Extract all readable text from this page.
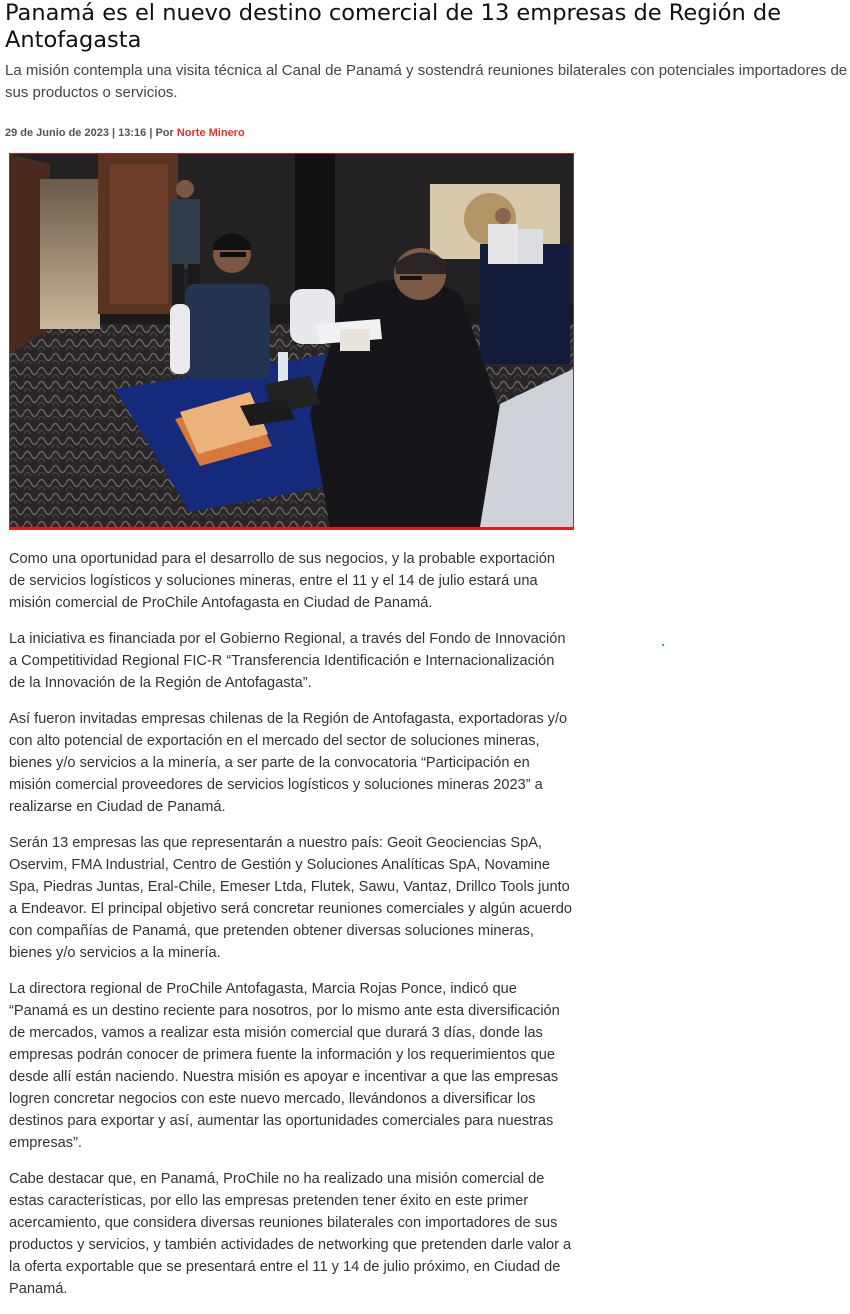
Panamá es el nuevo destino comercial de 13 empresas de Región de Antofagasta

La misión contempla una visita técnica al Canal de Panamá y sostendrá reuniones bilaterales con potenciales importadores de sus productos o servicios.

29 de Junio de 2023 | 13:16 | Por Norte Minero

Como una oportunidad para el desarrollo de sus negocios, y la probable exportación de servicios logísticos y soluciones mineras, entre el 11 y el 14 de julio estará una misión comercial de ProChile Antofagasta en Ciudad de Panamá.

La iniciativa es financiada por el Gobierno Regional, a través del Fondo de Innovación a Competitividad Regional FIC-R “Transferencia Identificación e Internacionalización de la Innovación de la Región de Antofagasta”.

Así fueron invitadas empresas chilenas de la Región de Antofagasta, exportadoras y/o con alto potencial de exportación en el mercado del sector de soluciones mineras, bienes y/o servicios a la minería, a ser parte de la convocatoria “Participación en misión comercial proveedores de servicios logísticos y soluciones mineras 2023” a realizarse en Ciudad de Panamá.

Serán 13 empresas las que representarán a nuestro país: Geoit Geociencias SpA, Oservim, FMA Industrial, Centro de Gestión y Soluciones Analíticas SpA, Novamine Spa, Piedras Juntas, Eral-Chile, Emeser Ltda, Flutek, Sawu, Vantaz, Drillco Tools junto a Endeavor. El principal objetivo será concretar reuniones comerciales y algún acuerdo con compañías de Panamá, que pretenden obtener diversas soluciones mineras, bienes y/o servicios a la minería.

La directora regional de ProChile Antofagasta, Marcia Rojas Ponce, indicó que “Panamá es un destino reciente para nosotros, por lo mismo ante esta diversificación de mercados, vamos a realizar esta misión comercial que durará 3 días, donde las empresas podrán conocer de primera fuente la información y los requerimientos que desde allí están naciendo. Nuestra misión es apoyar e incentivar a que las empresas logren concretar negocios con este nuevo mercado, llevándonos a diversificar los destinos para exportar y así, aumentar las oportunidades comerciales para nuestras empresas”.

Cabe destacar que, en Panamá, ProChile no ha realizado una misión comercial de estas características, por ello las empresas pretenden tener éxito en este primer acercamiento, que considera diversas reuniones bilaterales con importadores de sus productos y servicios, y también actividades de networking que pretenden darle valor a la oferta exportable que se presentará entre el 11 y 14 de julio próximo, en Ciudad de Panamá.
